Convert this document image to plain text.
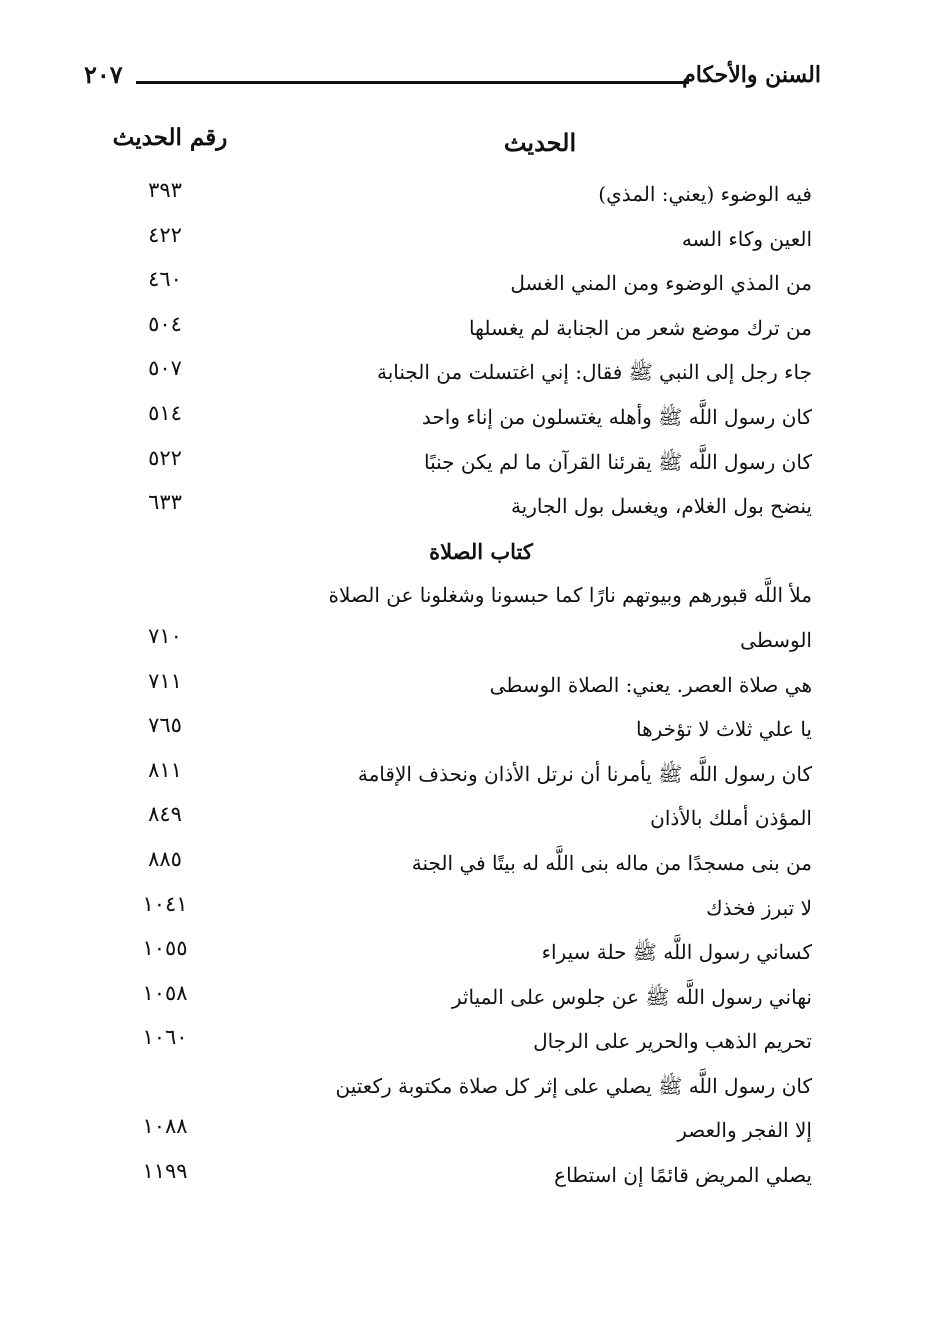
السنن والأحكام
٢٠٧
الحديث
رقم الحديث
فيه الوضوء (يعني: المذي)
٣٩٣
العين وكاء السه
٤٢٢
من المذي الوضوء ومن المني الغسل
٤٦٠
من ترك موضع شعر من الجنابة لم يغسلها
٥٠٤
جاء رجل إلى النبي ﷺ فقال: إني اغتسلت من الجنابة
٥٠٧
كان رسول اللَّه ﷺ وأهله يغتسلون من إناء واحد
٥١٤
كان رسول اللَّه ﷺ يقرئنا القرآن ما لم يكن جنبًا
٥٢٢
ينضح بول الغلام، ويغسل بول الجارية
٦٣٣
كتاب الصلاة
ملأ اللَّه قبورهم وبيوتهم نارًا كما حبسونا وشغلونا عن الصلاة
الوسطى
٧١٠
هي صلاة العصر. يعني: الصلاة الوسطى
٧١١
يا علي ثلاث لا تؤخرها
٧٦٥
كان رسول اللَّه ﷺ يأمرنا أن نرتل الأذان ونحذف الإقامة
٨١١
المؤذن أملك بالأذان
٨٤٩
من بنى مسجدًا من ماله بنى اللَّه له بيتًا في الجنة
٨٨٥
لا تبرز فخذك
١٠٤١
كساني رسول اللَّه ﷺ حلة سيراء
١٠٥٥
نهاني رسول اللَّه ﷺ عن جلوس على المياثر
١٠٥٨
تحريم الذهب والحرير على الرجال
١٠٦٠
كان رسول اللَّه ﷺ يصلي على إثر كل صلاة مكتوبة ركعتين
إلا الفجر والعصر
١٠٨٨
يصلي المريض قائمًا إن استطاع
١١٩٩
